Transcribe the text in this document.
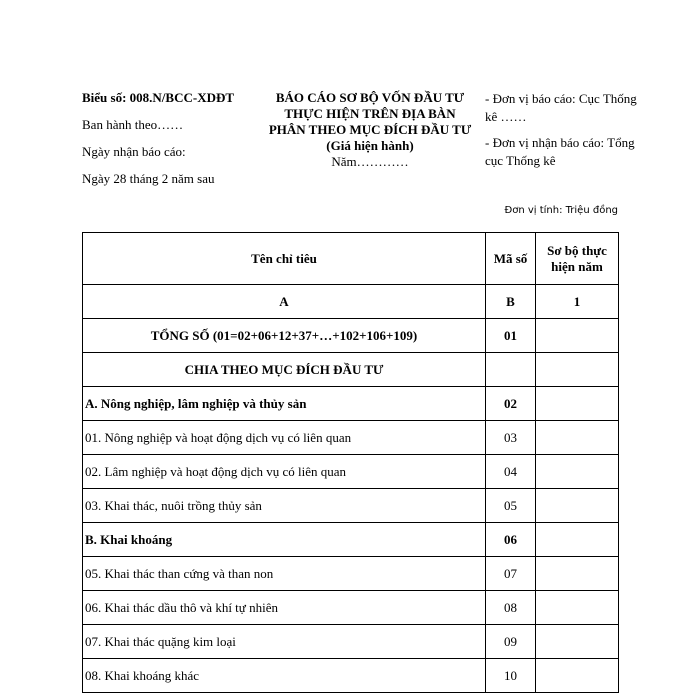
Biểu số: 008.N/BCC-XDĐT
Ban hành theo……
Ngày nhận báo cáo:
Ngày 28 tháng 2 năm sau
BÁO CÁO SƠ BỘ VỐN ĐẦU TƯ
THỰC HIỆN TRÊN ĐỊA BÀN
PHÂN THEO MỤC ĐÍCH ĐẦU TƯ
(Giá hiện hành)
Năm…………
- Đơn vị báo cáo: Cục Thống kê ……
- Đơn vị nhận báo cáo: Tổng cục Thống kê
Đơn vị tính: Triệu đồng
Tên chỉ tiêu	Mã số	Sơ bộ thực hiện năm
A	B	1
TỔNG SỐ (01=02+06+12+37+…+102+106+109)	01	
CHIA THEO MỤC ĐÍCH ĐẦU TƯ		
A. Nông nghiệp, lâm nghiệp và thủy sản	02	
01. Nông nghiệp và hoạt động dịch vụ có liên quan	03	
02. Lâm nghiệp và hoạt động dịch vụ có liên quan	04	
03. Khai thác, nuôi trồng thủy sản	05	
B. Khai khoáng	06	
05. Khai thác than cứng và than non	07	
06. Khai thác dầu thô và khí tự nhiên	08	
07. Khai thác quặng kim loại	09	
08. Khai khoáng khác	10	
